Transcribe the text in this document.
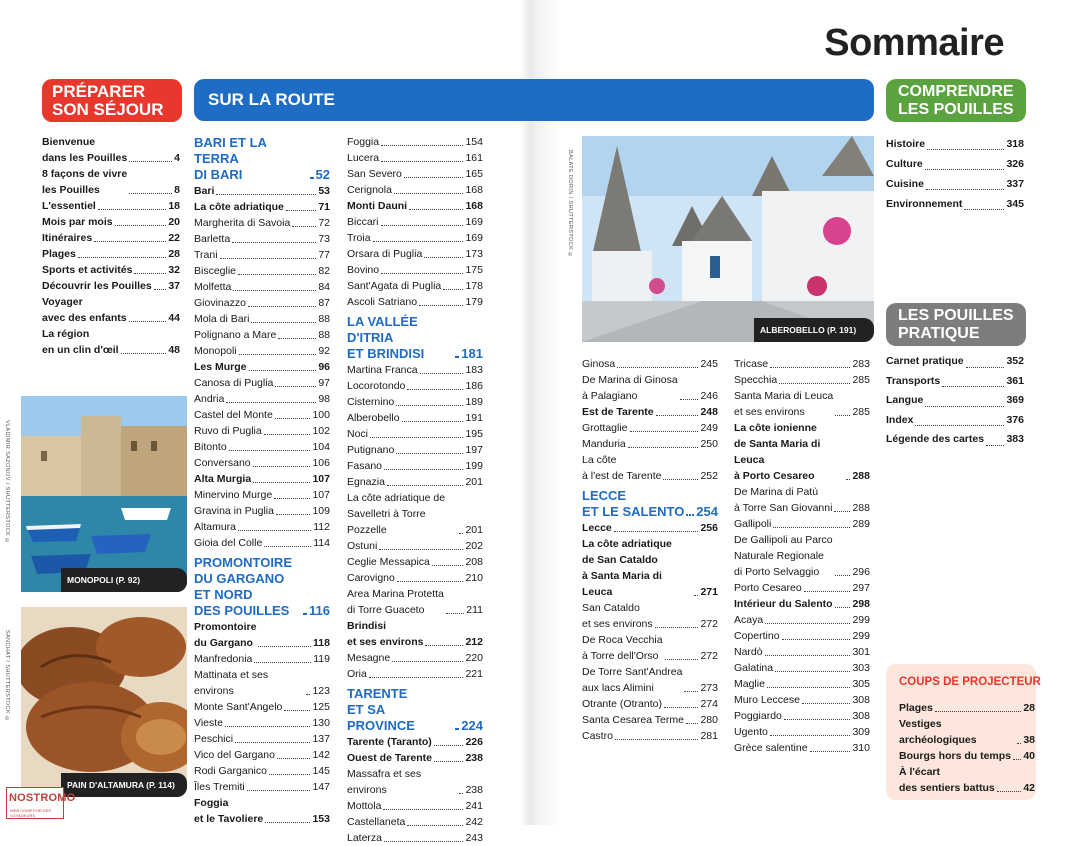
Sommaire
PRÉPARER
SON SÉJOUR
SUR LA ROUTE	COMPRENDRE
LES POUILLES
LES POUILLES
PRATIQUE
Bienvenue
dans les Pouilles	4
8 façons de vivre
les Pouilles	8
L'essentiel	18
Mois par mois	20
Itinéraires	22
Plages	28
Sports et activités	32
Découvrir les Pouilles 37
Voyager
avec des enfants	44
La région
en un clin d'œil	48
BARI ET LA TERRA
DI BARI	52
Bari	53
La côte adriatique	71
Margherita di Savoia	72
Barletta	73
Trani	77
Bisceglie	82
Molfetta	84
Giovinazzo	87
Mola di Bari	88
Polignano a Mare	88
Monopoli	92
Les Murge	96
Canosa di Puglia	97
Andria	98
Castel del Monte	100
Ruvo di Puglia	102
Bitonto	104
Conversano	106
Alta Murgia	107
Minervino Murge	107
Gravina in Puglia	109
Altamura	112
Gioia del Colle	114
PROMONTOIRE
DU GARGANO ET NORD
DES POUILLES	116
Promontoire
du Gargano	118
Manfredonia	119
Mattinata et ses environs	123
Monte Sant'Angelo	125
Vieste	130
Peschici	137
Vico del Gargano	142
Rodi Garganico	145
Îles Tremiti	147
Foggia
et le Tavoliere	153
Foggia	154
Lucera	161
San Severo	165
Cerignola	168
Monti Dauni	168
Biccari	169
Troia	169
Orsara di Puglia	173
Bovino	175
Sant'Agata di Puglia 178
Ascoli Satriano	179
LA VALLÉE D'ITRIA
ET BRINDISI	181
Martina Franca	183
Locorotondo	186
Cisternino	189
Alberobello	191
Noci	195
Putignano	197
Fasano	199
Egnazia	201
La côte adriatique de
Savelletri à Torre Pozzelle	201
Ostuni	202
Ceglie Messapica	208
Carovigno	210
Area Marina Protetta
di Torre Guaceto	211
Brindisi
et ses environs	212
Mesagne	220
Oria	221
TARENTE
ET SA PROVINCE	224
Tarente (Taranto)	226
Ouest de Tarente	238
Massafra et ses environs	238
Mottola	241
Castellaneta	242
Laterza	243
Ginosa	245
De Marina di Ginosa
à Palagiano	246
Est de Tarente	248
Grottaglie	249
Manduria	250
La côte
à l'est de Tarente	252
LECCE
ET LE SALENTO 254
Lecce	256
La côte adriatique
de San Cataldo
à Santa Maria di Leuca	271
San Cataldo
et ses environs	272
De Roca Vecchia
à Torre dell'Orso	272
De Torre Sant'Andrea
aux lacs Alimini	273
Otrante (Otranto)	274
Santa Cesarea Terme 280
Castro	281
Tricase	283
Specchia	285
Santa Maria di Leuca
et ses environs	285
La côte ionienne
de Santa Maria di Leuca
à Porto Cesareo	288
De Marina di Patù
à Torre San Giovanni 288
Gallipoli	289
De Gallipoli au Parco
Naturale Regionale
di Porto Selvaggio	296
Porto Cesareo	297
Intérieur du Salento 298
Acaya	299
Copertino	299
Nardò	301
Galatina	303
Maglie	305
Muro Leccese	308
Poggiardo	308
Ugento	309
Grèce salentine	310
Histoire	318
Culture	326
Cuisine	337
Environnement	345
Carnet pratique	352
Transports	361
Langue	369
Index	376
Légende des cartes 383
COUPS DE PROJECTEUR
Plages	28
Vestiges archéologiques	38
Bourgs hors du temps 40
À l'écart
des sentiers battus	42
MONOPOLI (P. 92)
VLADIMIR SAZONOV / SHUTTERSTOCK ©
PAIN D'ALTAMURA (P. 114)
SANCHAT / SHUTTERSTOCK ©
ALBEROBELLO (P. 191)
BALATE DORIN / SHUTTERSTOCK ©
NOSTROMO
WEB COMPTOIR DES VOYAGEURS
